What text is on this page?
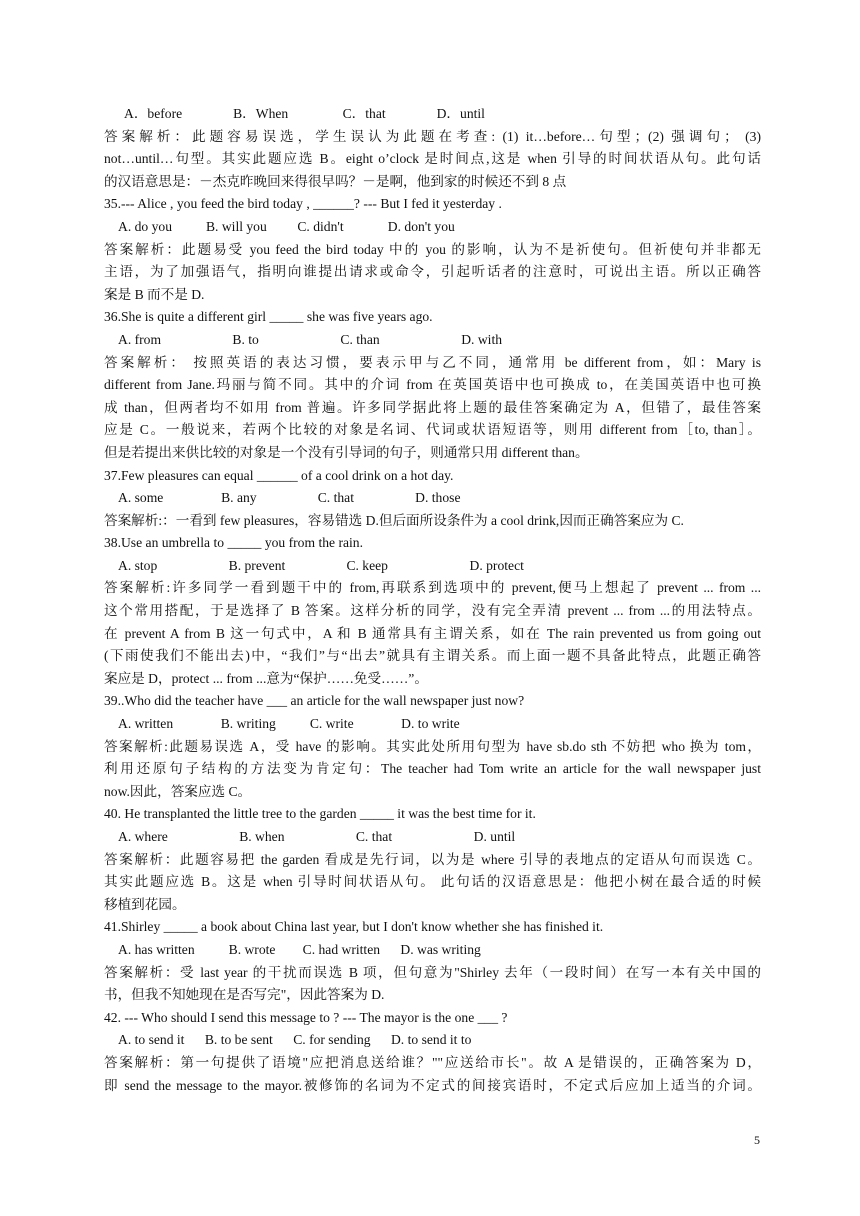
A．before               B．When                C．that               D．until
答案解析：此题容易误选，学生误认为此题在考查: (1) it…before…句型；(2) 强调句； (3)
not…until…句型。其实此题应选 B。eight o’clock 是时间点,这是 when 引导的时间状语从句。此句话
的汉语意思是：－杰克昨晚回来得很早吗？－是啊，他到家的时候还不到 8 点
35.--- Alice , you feed the bird today , ______? --- But I fed it yesterday .
A. do you          B. will you         C. didn't             D. don't you
答案解析：此题易受 you feed the bird today 中的 you 的影响，认为不是祈使句。但祈使句并非都无
主语，为了加强语气，指明向谁提出请求或命令，引起听话者的注意时，可说出主语。所以正确答
案是 B 而不是 D.
36.She is quite a different girl _____ she was five years ago.
A. from                     B. to                        C. than                        D. with
答案解析： 按照英语的表达习惯，要表示甲与乙不同，通常用 be different from，如：Mary is
different from Jane.玛丽与简不同。其中的介词 from 在英国英语中也可换成 to，在美国英语中也可换
成 than，但两者均不如用 from 普遍。许多同学据此将上题的最佳答案确定为 A，但错了，最佳答案
应是 C。一般说来，若两个比较的对象是名词、代词或状语短语等，则用 different from［to, than］。
但是若提出来供比较的对象是一个没有引导词的句子，则通常只用 different than。
37.Few pleasures can equal ______ of a cool drink on a hot day.
A. some                 B. any                  C. that                  D. those
答案解析:：一看到 few pleasures，容易错选 D.但后面所设条件为 a cool drink,因而正确答案应为 C.
38.Use an umbrella to _____ you from the rain.
A. stop                     B. prevent                  C. keep                        D. protect
答案解析:许多同学一看到题干中的 from,再联系到选项中的 prevent,便马上想起了 prevent ... from ...
这个常用搭配，于是选择了 B 答案。这样分析的同学，没有完全弄清 prevent ... from ...的用法特点。
在 prevent A from B 这一句式中，A 和 B 通常具有主谓关系，如在 The rain prevented us from going out
(下雨使我们不能出去)中，“我们”与“出去”就具有主谓关系。而上面一题不具备此特点，此题正确答
案应是 D，protect ... from ...意为“保护……免受……”。
39..Who did the teacher have ___ an article for the wall newspaper just now?
A. written              B. writing          C. write              D. to write
答案解析:此题易误选 A，受 have 的影响。其实此处所用句型为 have sb.do sth 不妨把 who 换为 tom，
利用还原句子结构的方法变为肯定句：The teacher had Tom write an article for the wall newspaper just
now.因此，答案应选 C。
40. He transplanted the little tree to the garden _____ it was the best time for it.
A. where                     B. when                     C. that                        D. until
答案解析：此题容易把 the garden 看成是先行词，以为是 where 引导的表地点的定语从句而误选 C。
其实此题应选 B。这是 when 引导时间状语从句。 此句话的汉语意思是：他把小树在最合适的时候
移植到花园。
41.Shirley _____ a book about China last year, but I don't know whether she has finished it.
A. has written          B. wrote        C. had written      D. was writing
答案解析：受 last year 的干扰而误选 B 项，但句意为"Shirley 去年（一段时间）在写一本有关中国的
书，但我不知她现在是否写完"，因此答案为 D.
42. --- Who should I send this message to ? --- The mayor is the one ___ ?
A. to send it      B. to be sent      C. for sending      D. to send it to
答案解析：第一句提供了语境"应把消息送给谁？""应送给市长"。故 A 是错误的，正确答案为 D，
即 send the message to the mayor.被修饰的名词为不定式的间接宾语时，不定式后应加上适当的介词。
5
